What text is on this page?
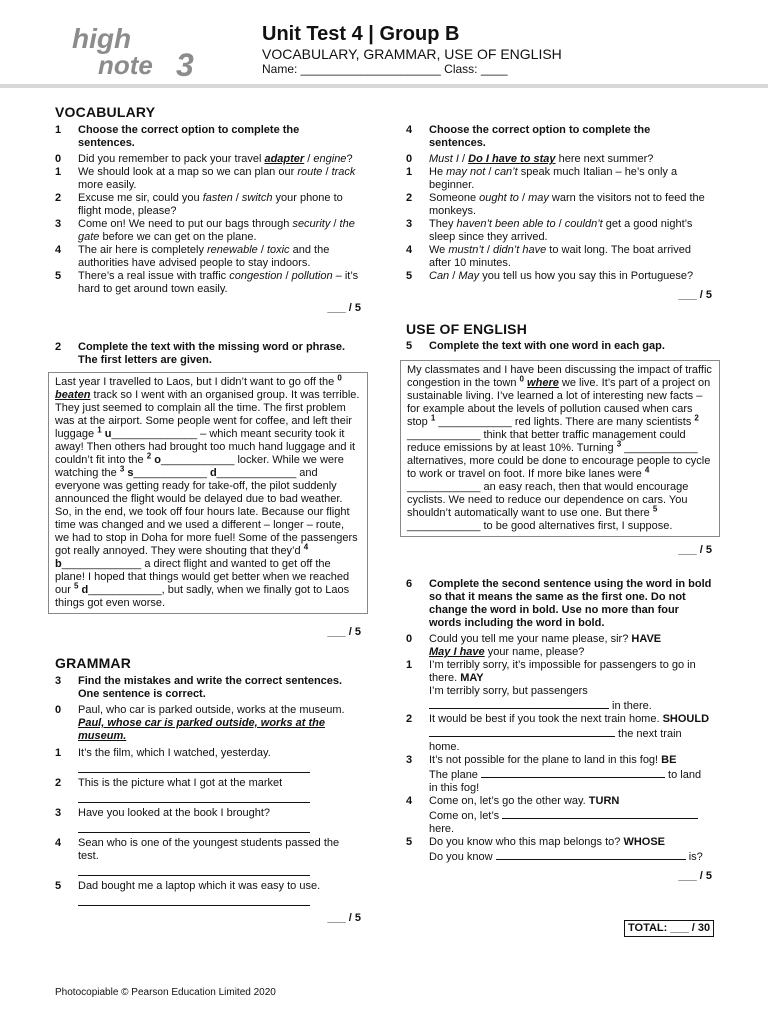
high
note 3
Unit Test 4 | Group B
VOCABULARY, GRAMMAR, USE OF ENGLISH
Name: _____________________ Class: ____
VOCABULARY
1	Choose the correct option to complete the sentences.
0	Did you remember to pack your travel adapter / engine?
1	We should look at a map so we can plan our route / track more easily.
2	Excuse me sir, could you fasten / switch your phone to flight mode, please?
3	Come on! We need to put our bags through security / the gate before we can get on the plane.
4	The air here is completely renewable / toxic and the authorities have advised people to stay indoors.
5	There’s a real issue with traffic congestion / pollution – it’s hard to get around town easily.
___ / 5
2	Complete the text with the missing word or phrase. The first letters are given.
Last year I travelled to Laos, but I didn’t want to go off the $^0$ beaten track so I went with an organised group. It was terrible. They just seemed to complain all the time. The first problem was at the airport. Some people went for coffee, and left their luggage $^1$ u______________ – which meant security took it away! Then others had brought too much hand luggage and it couldn’t fit into the $^2$ o____________ locker. While we were watching the $^3$ s____________ d_____________ and everyone was getting ready for take-off, the pilot suddenly announced the flight would be delayed due to bad weather. So, in the end, we took off four hours late. Because our flight time was changed and we used a different – longer – route, we had to stop in Doha for more fuel! Some of the passengers got really annoyed. They were shouting that they’d $^4$ b_____________ a direct flight and wanted to get off the plane! I hoped that things would get better when we reached our $^5$ d____________, but sadly, when we finally got to Laos things got even worse.
___ / 5
GRAMMAR
3	Find the mistakes and write the correct sentences. One sentence is correct.
0	Paul, who car is parked outside, works at the museum.
Paul, whose car is parked outside, works at the museum.
1	It’s the film, which I watched, yesterday.
2	This is the picture what I got at the market
3	Have you looked at the book I brought?
4	Sean who is one of the youngest students passed the test.
5	Dad bought me a laptop which it was easy to use.
___ / 5
4	Choose the correct option to complete the sentences.
0	Must I / Do I have to stay here next summer?
1	He may not / can’t speak much Italian – he’s only a beginner.
2	Someone ought to / may warn the visitors not to feed the monkeys.
3	They haven’t been able to / couldn’t get a good night’s sleep since they arrived.
4	We mustn’t / didn’t have to wait long. The boat arrived after 10 minutes.
5	Can / May you tell us how you say this in Portuguese?
___ / 5
USE OF ENGLISH
5	Complete the text with one word in each gap.
My classmates and I have been discussing the impact of traffic congestion in the town $^0$ where we live. It’s part of a project on sustainable living. I’ve learned a lot of interesting new facts – for example about the levels of pollution caused when cars stop $^1$ ____________ red lights. There are many scientists $^2$ ____________ think that better traffic management could reduce emissions by at least 10%. Turning $^3$ ____________ alternatives, more could be done to encourage people to cycle to work or travel on foot. If more bike lanes were $^4$ ____________ an easy reach, then that would encourage cyclists. We need to reduce our dependence on cars. You shouldn’t automatically want to use one. But there $^5$ ____________ to be good alternatives first, I suppose.
___ / 5
6	Complete the second sentence using the word in bold so that it means the same as the first one. Do not change the word in bold. Use no more than four words including the word in bold.
0	Could you tell me your name please, sir? HAVE
May I have your name, please?
1	I’m terribly sorry, it’s impossible for passengers to go in there. MAY
I’m terribly sorry, but passengers
in there.
2	It would be best if you took the next train home. SHOULD
the next train home.
3	It’s not possible for the plane to land in this fog! BE
The plane	to land in this fog!
4	Come on, let’s go the other way. TURN
Come on, let’s  here.
5	Do you know who this map belongs to? WHOSE
Do you know	is?
___ / 5
TOTAL: ___ / 30
Photocopiable © Pearson Education Limited 2020
